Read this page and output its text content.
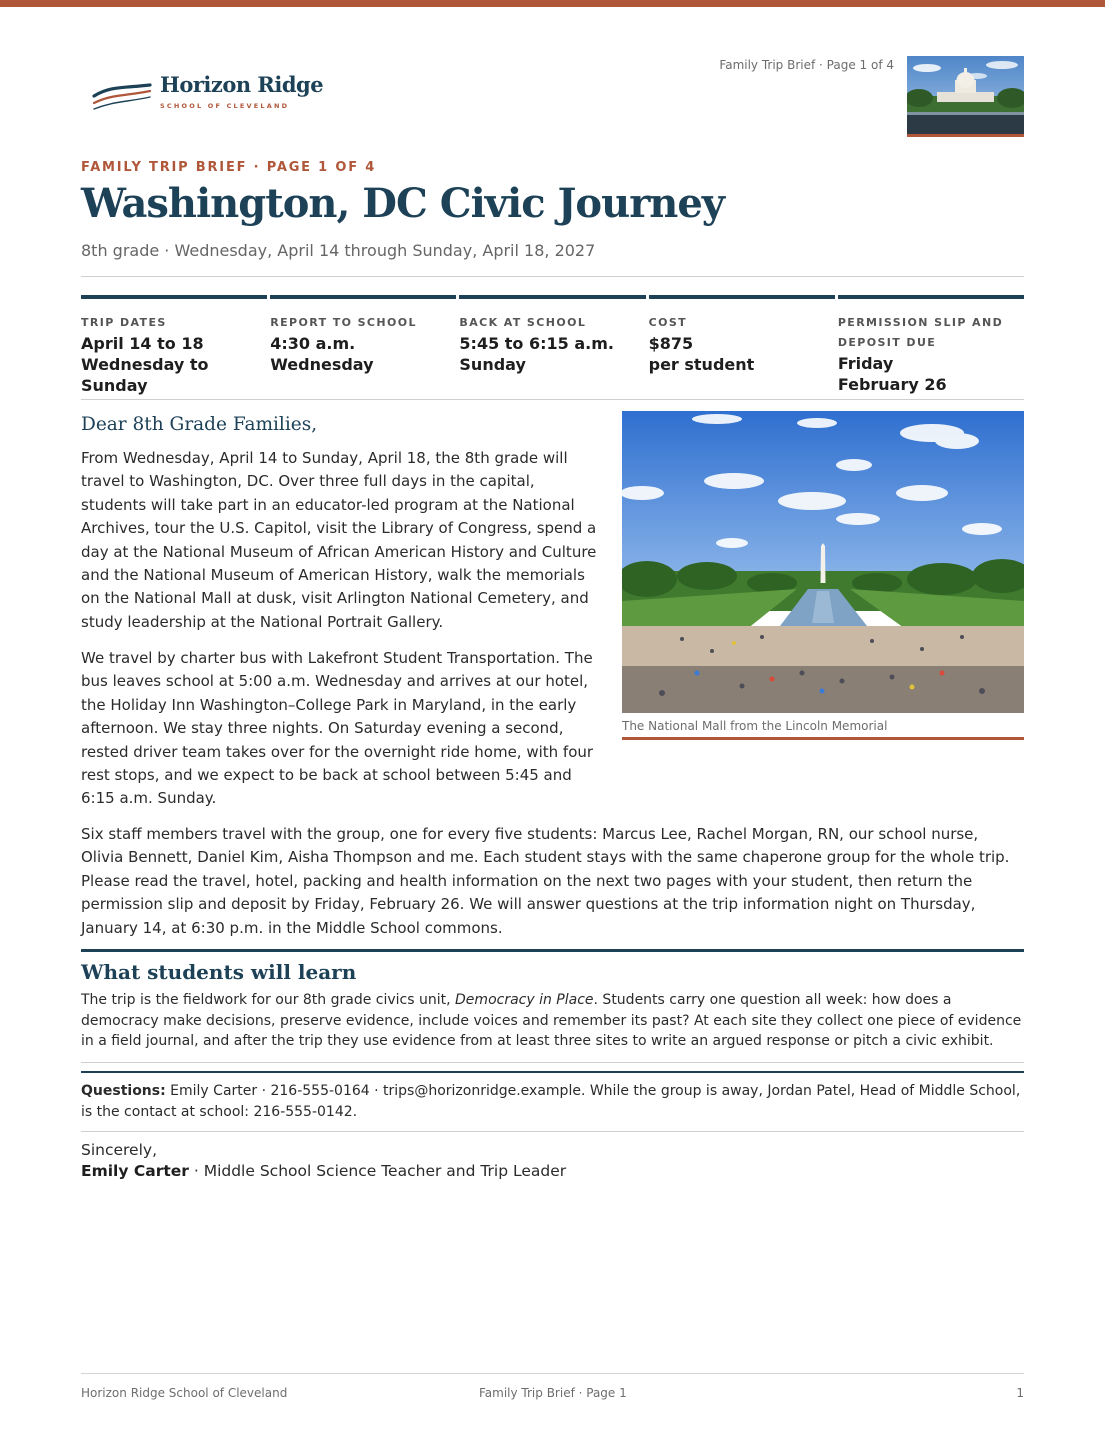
Horizon Ridge
SCHOOL OF CLEVELAND
Family Trip Brief · Page 1 of 4
FAMILY TRIP BRIEF · PAGE 1 OF 4
Washington, DC Civic Journey
8th grade · Wednesday, April 14 through Sunday, April 18, 2027
TRIP DATES
April 14 to 18
Wednesday to Sunday
REPORT TO SCHOOL
4:30 a.m.
Wednesday
BACK AT SCHOOL
5:45 to 6:15 a.m.
Sunday
COST
$875
per student
PERMISSION SLIP AND DEPOSIT DUE
Friday
February 26
Dear 8th Grade Families,

From Wednesday, April 14 to Sunday, April 18, the 8th grade will travel to Washington, DC. Over three full days in the capital, students will take part in an educator-led program at the National Archives, tour the U.S. Capitol, visit the Library of Congress, spend a day at the National Museum of African American History and Culture and the National Museum of American History, walk the memorials on the National Mall at dusk, visit Arlington National Cemetery, and study leadership at the National Portrait Gallery.

We travel by charter bus with Lakefront Student Transportation. The bus leaves school at 5:00 a.m. Wednesday and arrives at our hotel, the Holiday Inn Washington–College Park in Maryland, in the early afternoon. We stay three nights. On Saturday evening a second, rested driver team takes over for the overnight ride home, with four rest stops, and we expect to be back at school between 5:45 and 6:15 a.m. Sunday.

The National Mall from the Lincoln Memorial

Six staff members travel with the group, one for every five students: Marcus Lee, Rachel Morgan, RN, our school nurse, Olivia Bennett, Daniel Kim, Aisha Thompson and me. Each student stays with the same chaperone group for the whole trip. Please read the travel, hotel, packing and health information on the next two pages with your student, then return the permission slip and deposit by Friday, February 26. We will answer questions at the trip information night on Thursday, January 14, at 6:30 p.m. in the Middle School commons.

What students will learn

The trip is the fieldwork for our 8th grade civics unit, Democracy in Place. Students carry one question all week: how does a democracy make decisions, preserve evidence, include voices and remember its past? At each site they collect one piece of evidence in a field journal, and after the trip they use evidence from at least three sites to write an argued response or pitch a civic exhibit.

Questions: Emily Carter · 216-555-0164 · trips@horizonridge.example. While the group is away, Jordan Patel, Head of Middle School, is the contact at school: 216-555-0142.

Sincerely,
Emily Carter · Middle School Science Teacher and Trip Leader
Horizon Ridge School of Cleveland	Family Trip Brief · Page 1	1
